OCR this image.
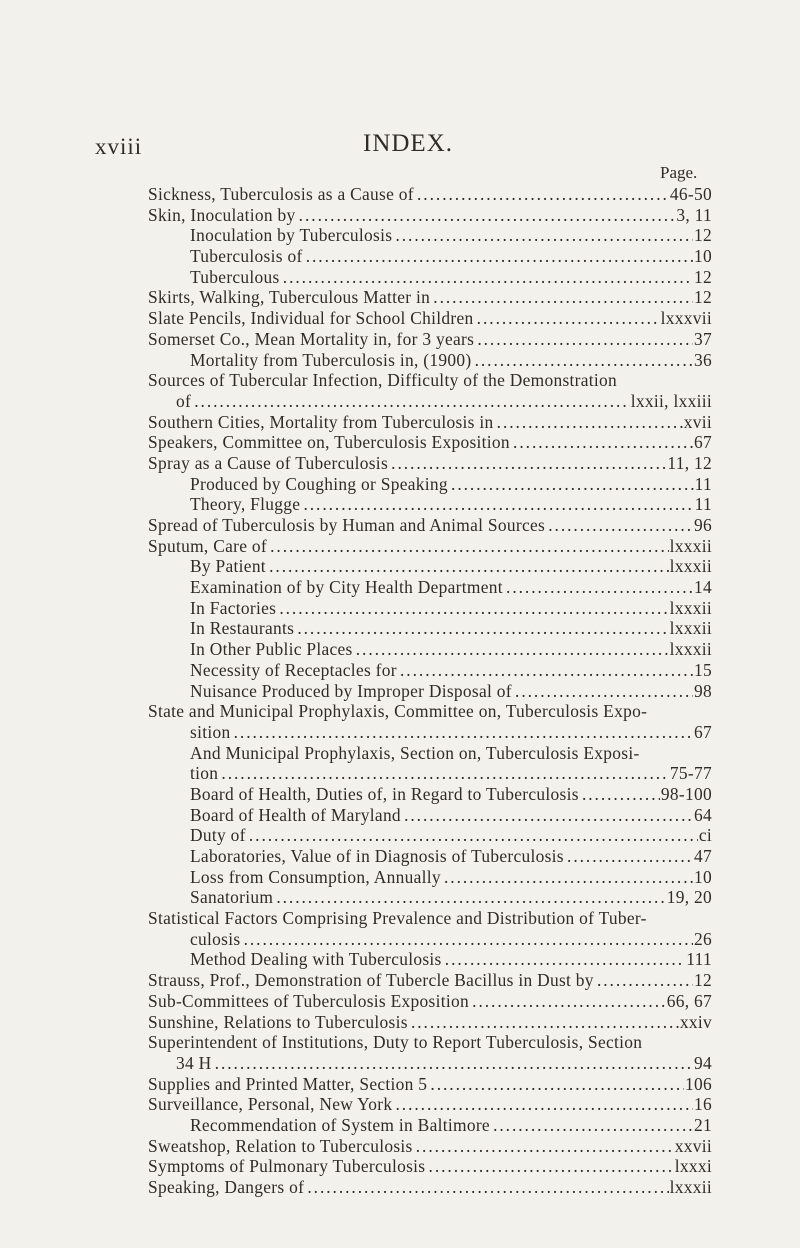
xviii	INDEX.
Page.
Sickness, Tuberculosis as a Cause of . . .	46-50
Skin, Inoculation by . . .	3, 11
Inoculation by Tuberculosis . . .	12
Tuberculosis of . . .	10
Tuberculous . . .	12
Skirts, Walking, Tuberculous Matter in . . .	12
Slate Pencils, Individual for School Children . . .	lxxxvii
Somerset Co., Mean Mortality in, for 3 years . . .	37
Mortality from Tuberculosis in, (1900) . . .	36
Sources of Tubercular Infection, Difficulty of the Demonstration
of . . .	lxxii, lxxiii
Southern Cities, Mortality from Tuberculosis in . . .	xvii
Speakers, Committee on, Tuberculosis Exposition . . .	67
Spray as a Cause of Tuberculosis . . .	11, 12
Produced by Coughing or Speaking . . .	11
Theory, Flugge . . .	11
Spread of Tuberculosis by Human and Animal Sources . . .	96
Sputum, Care of . . .	lxxxii
By Patient . . .	lxxxii
Examination of by City Health Department . . .	14
In Factories . . .	lxxxii
In Restaurants . . .	lxxxii
In Other Public Places . . .	lxxxii
Necessity of Receptacles for . . .	15
Nuisance Produced by Improper Disposal of . . .	98
State and Municipal Prophylaxis, Committee on, Tuberculosis Expo-
sition . . .	67
And Municipal Prophylaxis, Section on, Tuberculosis Exposi-
tion . . .	75-77
Board of Health, Duties of, in Regard to Tuberculosis . . .	98-100
Board of Health of Maryland . . .	64
Duty of . . .	ci
Laboratories, Value of in Diagnosis of Tuberculosis . . .	47
Loss from Consumption, Annually . . .	10
Sanatorium . . .	19, 20
Statistical Factors Comprising Prevalence and Distribution of Tuber-
culosis . . .	26
Method Dealing with Tuberculosis . . .	111
Strauss, Prof., Demonstration of Tubercle Bacillus in Dust by . . .	12
Sub-Committees of Tuberculosis Exposition . . .	66, 67
Sunshine, Relations to Tuberculosis . . .	xxiv
Superintendent of Institutions, Duty to Report Tuberculosis, Section
34 H . . .	94
Supplies and Printed Matter, Section 5 . . .	106
Surveillance, Personal, New York . . .	16
Recommendation of System in Baltimore . . .	21
Sweatshop, Relation to Tuberculosis . . .	xxvii
Symptoms of Pulmonary Tuberculosis . . .	lxxxi
Speaking, Dangers of . . .	lxxxii
